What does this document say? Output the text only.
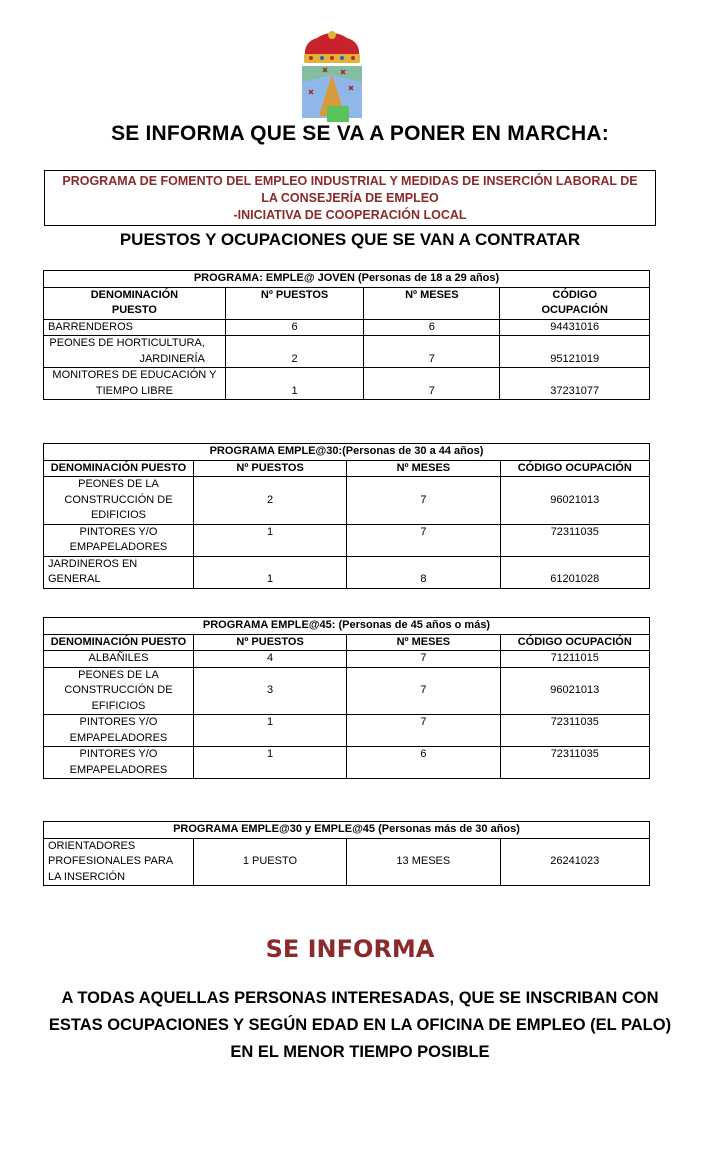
SE INFORMA QUE SE VA A PONER EN MARCHA:
PROGRAMA DE FOMENTO DEL EMPLEO INDUSTRIAL Y MEDIDAS DE INSERCIÓN LABORAL DE
LA CONSEJERÍA DE EMPLEO
-INICIATIVA DE COOPERACIÓN LOCAL
PUESTOS Y OCUPACIONES QUE SE VAN A CONTRATAR
PROGRAMA: EMPLE@ JOVEN (Personas de 18 a 29 años)			
DENOMINACIÓN PUESTO	Nº PUESTOS	Nº MESES	CÓDIGO OCUPACIÓN
BARRENDEROS	6	6	94431016
PEONES DE HORTICULTURA, JARDINERÍA	2	7	95121019
MONITORES DE EDUCACIÓN Y TIEMPO LIBRE	1	7	37231077
PROGRAMA EMPLE@30:(Personas de 30 a 44 años)			
DENOMINACIÓN PUESTO	Nº PUESTOS	Nº MESES	CÓDIGO OCUPACIÓN
PEONES DE LA CONSTRUCCIÓN DE EDIFICIOS	2	7	96021013
PINTORES Y/O EMPAPELADORES	1	7	72311035
JARDINEROS EN GENERAL	1	8	61201028
PROGRAMA EMPLE@45: (Personas de 45 años o más)			
DENOMINACIÓN PUESTO	Nº PUESTOS	Nº MESES	CÓDIGO OCUPACIÓN
ALBAÑILES	4	7	71211015
PEONES DE LA CONSTRUCCIÓN DE EFIFICIOS	3	7	96021013
PINTORES Y/O EMPAPELADORES	1	7	72311035
PINTORES Y/O EMPAPELADORES	1	6	72311035
PROGRAMA EMPLE@30 y EMPLE@45 (Personas más de 30 años)
ORIENTADORES PROFESIONALES PARA LA INSERCIÓN	1 PUESTO	13 MESES	26241023
SE INFORMA
A TODAS AQUELLAS PERSONAS INTERESADAS, QUE SE INSCRIBAN CON ESTAS OCUPACIONES Y SEGÚN EDAD EN LA OFICINA DE EMPLEO (EL PALO) EN EL MENOR TIEMPO POSIBLE
